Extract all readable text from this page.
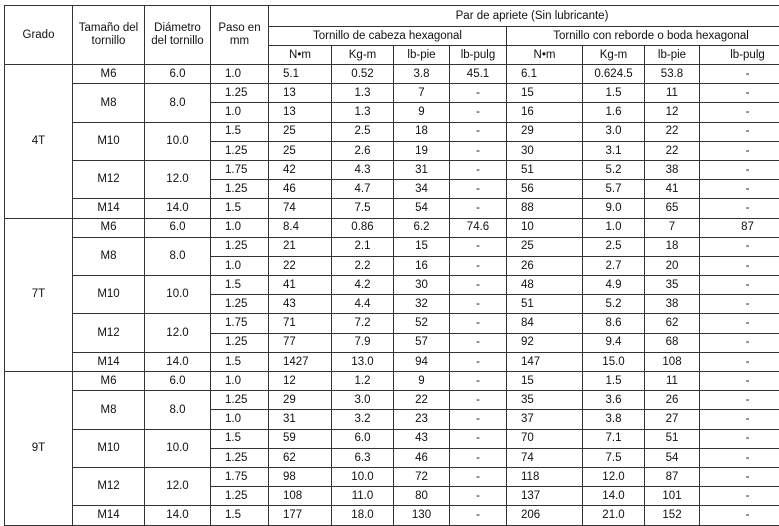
Grado	Tamaño del tornillo	Diámetro del tornillo	Paso en mm	Par de apriete (Sin lubricante)							
				Tornillo de cabeza hexagonal				Tornillo con reborde o boda hexagonal			
				N•m	Kg-m	lb-pie	lb-pulg	N•m	Kg-m	lb-pie	lb-pulg
4T	M6	6.0	1.0	5.1	0.52	3.8	45.1	6.1	0.624.5	53.8	-
	M8	8.0	1.25	13	1.3	7	-	15	1.5	11	-
			1.0	13	1.3	9	-	16	1.6	12	-
	M10	10.0	1.5	25	2.5	18	-	29	3.0	22	-
			1.25	25	2.6	19	-	30	3.1	22	-
	M12	12.0	1.75	42	4.3	31	-	51	5.2	38	-
			1.25	46	4.7	34	-	56	5.7	41	-
	M14	14.0	1.5	74	7.5	54	-	88	9.0	65	-
7T	M6	6.0	1.0	8.4	0.86	6.2	74.6	10	1.0	7	87
	M8	8.0	1.25	21	2.1	15	-	25	2.5	18	-
			1.0	22	2.2	16	-	26	2.7	20	-
	M10	10.0	1.5	41	4.2	30	-	48	4.9	35	-
			1.25	43	4.4	32	-	51	5.2	38	-
	M12	12.0	1.75	71	7.2	52	-	84	8.6	62	-
			1.25	77	7.9	57	-	92	9.4	68	-
	M14	14.0	1.5	1427	13.0	94	-	147	15.0	108	-
9T	M6	6.0	1.0	12	1.2	9	-	15	1.5	11	-
	M8	8.0	1.25	29	3.0	22	-	35	3.6	26	-
			1.0	31	3.2	23	-	37	3.8	27	-
	M10	10.0	1.5	59	6.0	43	-	70	7.1	51	-
			1.25	62	6.3	46	-	74	7.5	54	-
	M12	12.0	1.75	98	10.0	72	-	118	12.0	87	-
			1.25	108	11.0	80	-	137	14.0	101	-
	M14	14.0	1.5	177	18.0	130	-	206	21.0	152	-
